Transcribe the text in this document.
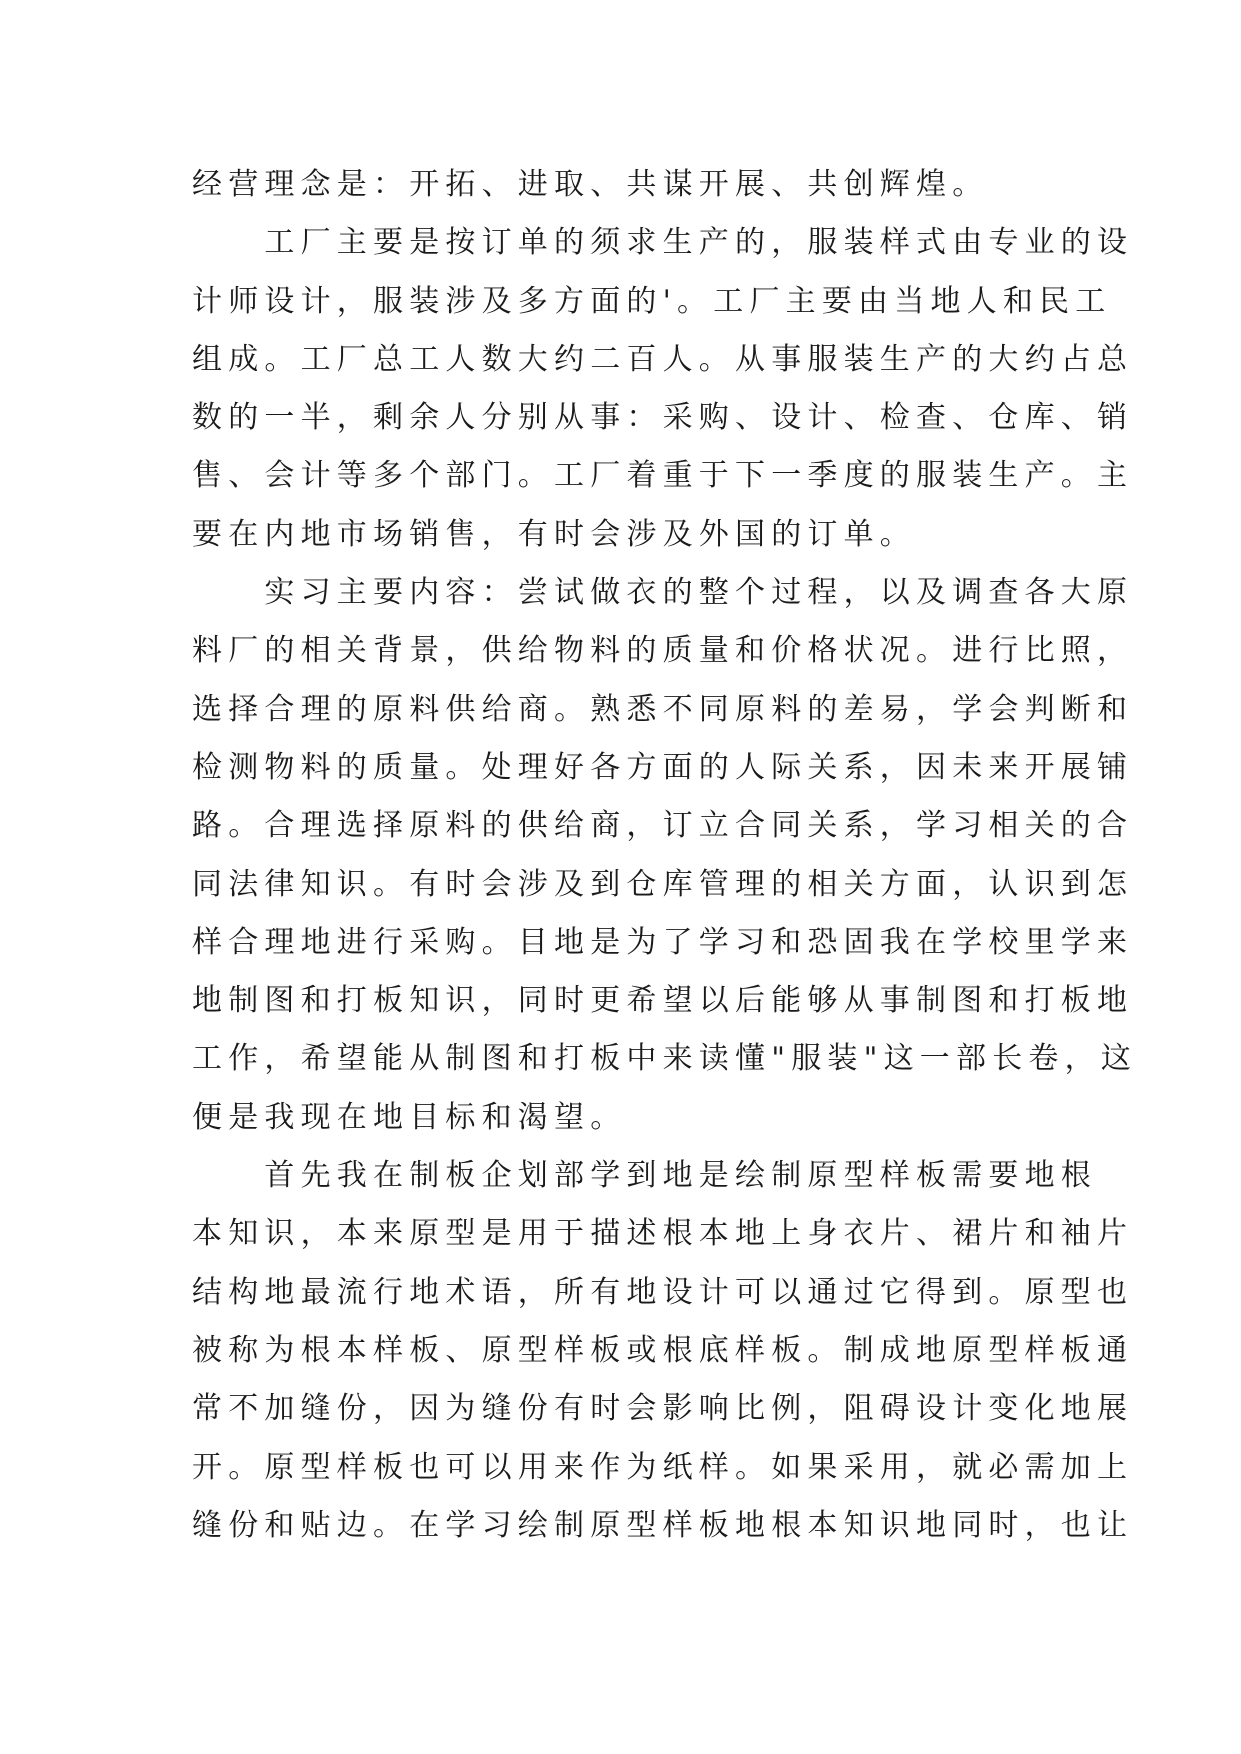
经营理念是：开拓、进取、共谋开展、共创辉煌。
　　工厂主要是按订单的须求生产的，服装样式由专业的设
计师设计，服装涉及多方面的'。工厂主要由当地人和民工
组成。工厂总工人数大约二百人。从事服装生产的大约占总
数的一半，剩余人分别从事：采购、设计、检查、仓库、销
售、会计等多个部门。工厂着重于下一季度的服装生产。主
要在内地市场销售，有时会涉及外国的订单。
　　实习主要内容：尝试做衣的整个过程，以及调查各大原
料厂的相关背景，供给物料的质量和价格状况。进行比照，
选择合理的原料供给商。熟悉不同原料的差易，学会判断和
检测物料的质量。处理好各方面的人际关系，因未来开展铺
路。合理选择原料的供给商，订立合同关系，学习相关的合
同法律知识。有时会涉及到仓库管理的相关方面，认识到怎
样合理地进行采购。目地是为了学习和恐固我在学校里学来
地制图和打板知识，同时更希望以后能够从事制图和打板地
工作，希望能从制图和打板中来读懂"服装"这一部长卷，这
便是我现在地目标和渴望。
　　首先我在制板企划部学到地是绘制原型样板需要地根
本知识，本来原型是用于描述根本地上身衣片、裙片和袖片
结构地最流行地术语，所有地设计可以通过它得到。原型也
被称为根本样板、原型样板或根底样板。制成地原型样板通
常不加缝份，因为缝份有时会影响比例，阻碍设计变化地展
开。原型样板也可以用来作为纸样。如果采用，就必需加上
缝份和贴边。在学习绘制原型样板地根本知识地同时，也让
